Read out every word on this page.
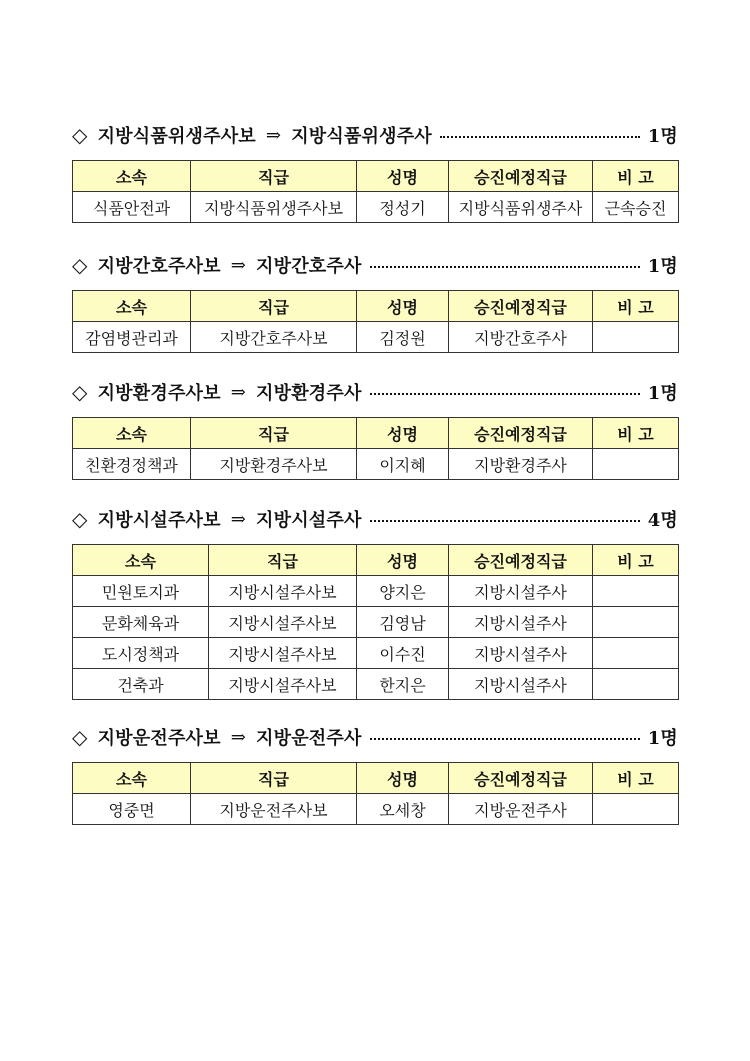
◇ 지방식품위생주사보 ⇒ 지방식품위생주사	1명
소속	직급	성명	승진예정직급	비 고
식품안전과	지방식품위생주사보	정성기	지방식품위생주사	근속승진
◇ 지방간호주사보 ⇒ 지방간호주사	1명
소속	직급	성명	승진예정직급	비 고
감염병관리과	지방간호주사보	김정원	지방간호주사	
◇ 지방환경주사보 ⇒ 지방환경주사	1명
소속	직급	성명	승진예정직급	비 고
친환경정책과	지방환경주사보	이지혜	지방환경주사	
◇ 지방시설주사보 ⇒ 지방시설주사	4명
소속	직급	성명	승진예정직급	비 고
민원토지과	지방시설주사보	양지은	지방시설주사	
문화체육과	지방시설주사보	김영남	지방시설주사	
도시정책과	지방시설주사보	이수진	지방시설주사	
건축과	지방시설주사보	한지은	지방시설주사	
◇ 지방운전주사보 ⇒ 지방운전주사	1명
소속	직급	성명	승진예정직급	비 고
영중면	지방운전주사보	오세창	지방운전주사	
